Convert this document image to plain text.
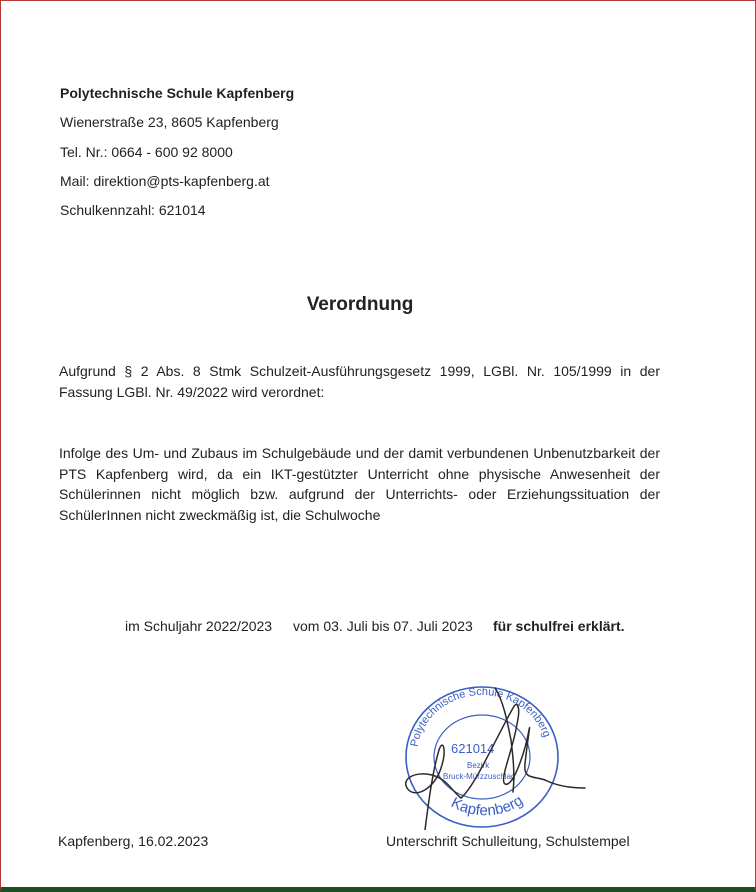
Polytechnische Schule Kapfenberg
Wienerstraße 23, 8605 Kapfenberg
Tel. Nr.: 0664 - 600 92 8000
Mail: direktion@pts-kapfenberg.at
Schulkennzahl: 621014
Verordnung
Aufgrund § 2 Abs. 8 Stmk Schulzeit-Ausführungsgesetz 1999, LGBl. Nr. 105/1999 in der Fassung LGBl. Nr. 49/2022 wird verordnet:
Infolge des Um- und Zubaus im Schulgebäude und der damit verbundenen Unbenutzbarkeit der PTS Kapfenberg wird, da ein IKT-gestützter Unterricht ohne physische Anwesenheit der Schülerinnen nicht möglich bzw. aufgrund der Unterrichts- oder Erziehungssituation der SchülerInnen nicht zweckmäßig ist, die Schulwoche
im Schuljahr 2022/2023 vom 03. Juli bis 07. Juli 2023 für schulfrei erklärt.
Polytechnische Schule Kapfenberg
621014
Bezirk
Bruck-Mürzzuschlag
Kapfenberg
Kapfenberg, 16.02.2023	Unterschrift Schulleitung, Schulstempel
